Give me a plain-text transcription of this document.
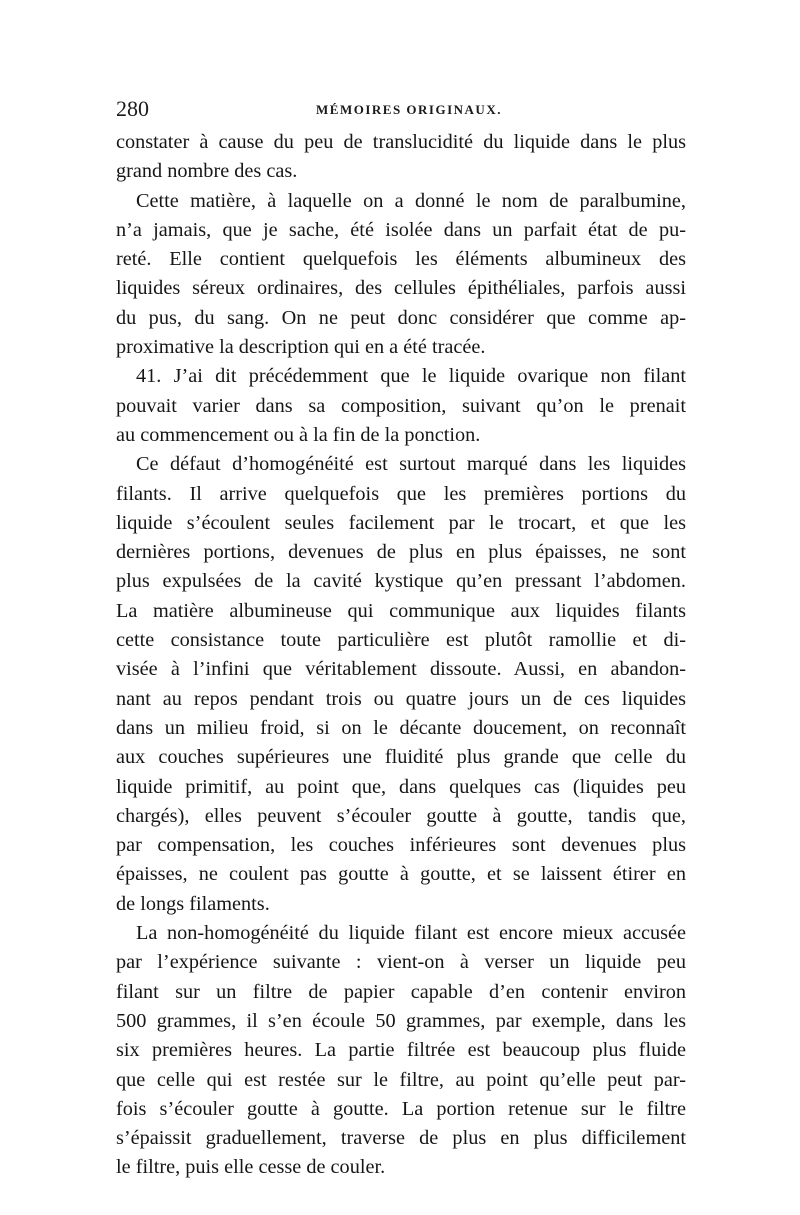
280	MÉMOIRES ORIGINAUX.
constater à cause du peu de translucidité du liquide dans le plus
grand nombre des cas.
Cette matière, à laquelle on a donné le nom de paralbumine,
n’a jamais, que je sache, été isolée dans un parfait état de pu-
reté. Elle contient quelquefois les éléments albumineux des
liquides séreux ordinaires, des cellules épithéliales, parfois aussi
du pus, du sang. On ne peut donc considérer que comme ap-
proximative la description qui en a été tracée.
41. J’ai dit précédemment que le liquide ovarique non filant
pouvait varier dans sa composition, suivant qu’on le prenait
au commencement ou à la fin de la ponction.
Ce défaut d’homogénéité est surtout marqué dans les liquides
filants. Il arrive quelquefois que les premières portions du
liquide s’écoulent seules facilement par le trocart, et que les
dernières portions, devenues de plus en plus épaisses, ne sont
plus expulsées de la cavité kystique qu’en pressant l’abdomen.
La matière albumineuse qui communique aux liquides filants
cette consistance toute particulière est plutôt ramollie et di-
visée à l’infini que véritablement dissoute. Aussi, en abandon-
nant au repos pendant trois ou quatre jours un de ces liquides
dans un milieu froid, si on le décante doucement, on reconnaît
aux couches supérieures une fluidité plus grande que celle du
liquide primitif, au point que, dans quelques cas (liquides peu
chargés), elles peuvent s’écouler goutte à goutte, tandis que,
par compensation, les couches inférieures sont devenues plus
épaisses, ne coulent pas goutte à goutte, et se laissent étirer en
de longs filaments.
La non-homogénéité du liquide filant est encore mieux accusée
par l’expérience suivante : vient-on à verser un liquide peu
filant sur un filtre de papier capable d’en contenir environ
500 grammes, il s’en écoule 50 grammes, par exemple, dans les
six premières heures. La partie filtrée est beaucoup plus fluide
que celle qui est restée sur le filtre, au point qu’elle peut par-
fois s’écouler goutte à goutte. La portion retenue sur le filtre
s’épaissit graduellement, traverse de plus en plus difficilement
le filtre, puis elle cesse de couler.
